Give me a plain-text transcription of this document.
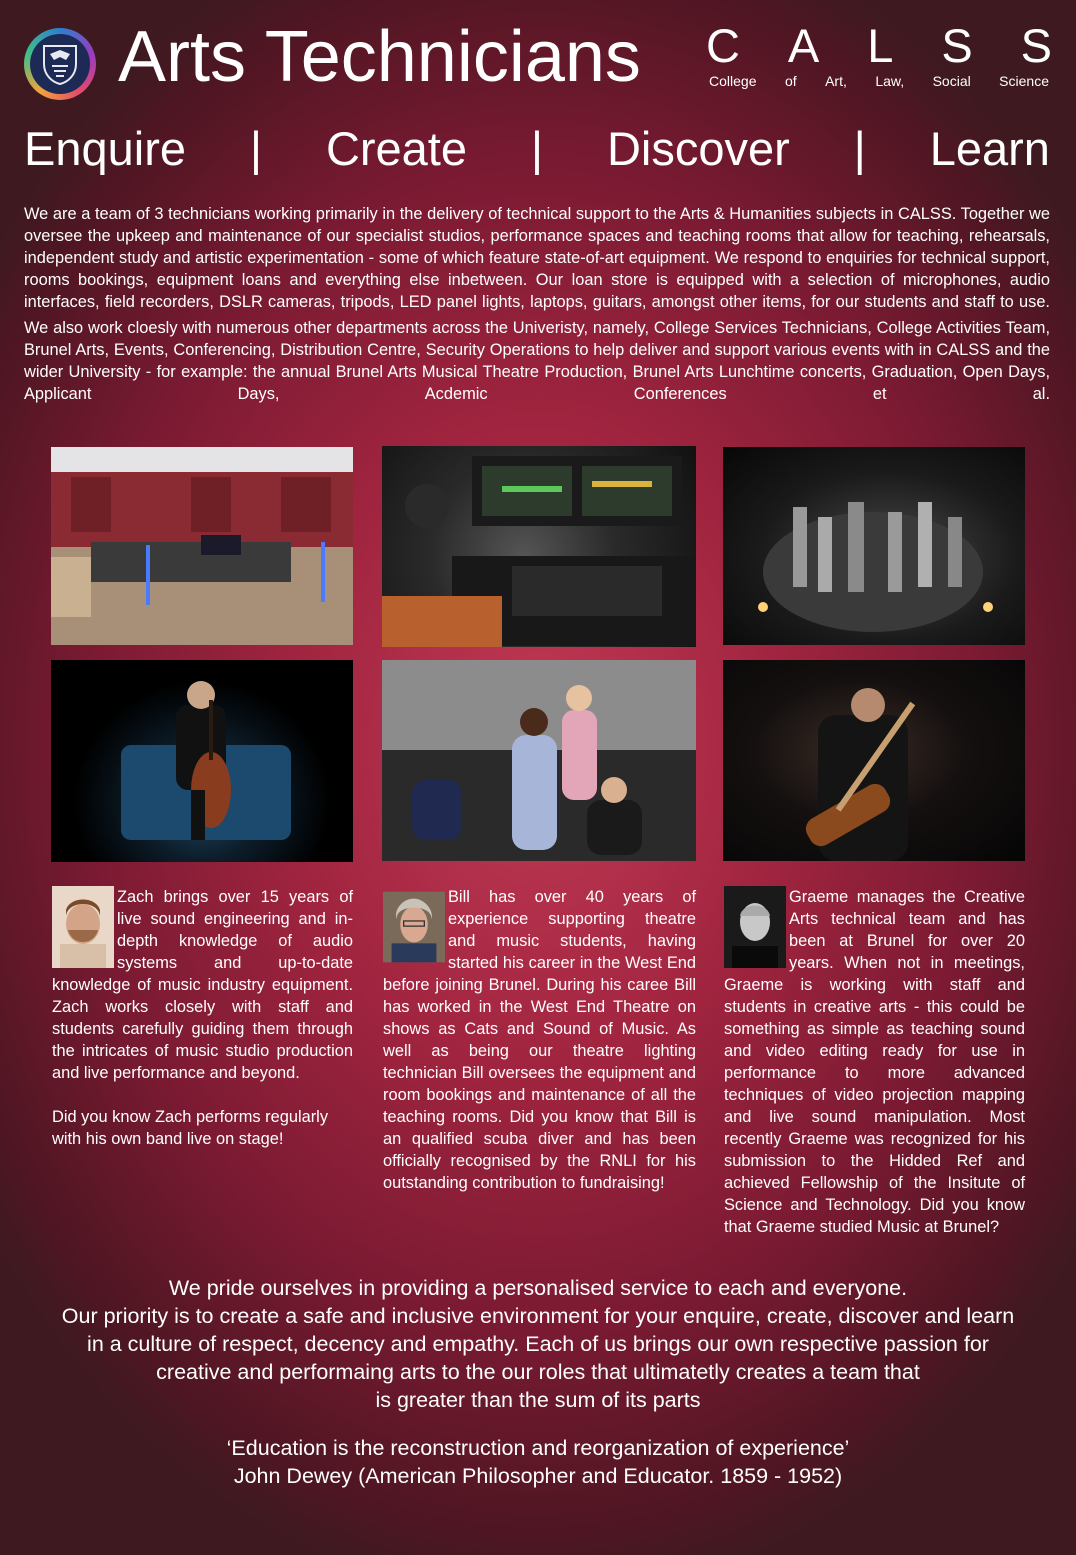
Arts Technicians C A L S S
College of Art, Law, Social Science
Enquire | Create | Discover | Learn

We are a team of 3 technicians working primarily in the delivery of technical support to the Arts & Humanities subjects in CALSS. Together we oversee the upkeep and maintenance of our specialist studios, performance spaces and teaching rooms that allow for teaching, rehearsals, independent study and artistic experimentation - some of which feature state-of-art equipment. We respond to enquiries for technical support, rooms bookings, equipment loans and everything else inbetween. Our loan store is equipped with a selection of microphones, audio interfaces, field recorders, DSLR cameras, tripods, LED panel lights, laptops, guitars, amongst other items, for our students and staff to use.

We also work cloesly with numerous other departments across the Univeristy, namely, College Services Technicians, College Activities Team, Brunel Arts, Events, Conferencing, Distribution Centre, Security Operations to help deliver and support various events with in CALSS and the wider University - for example: the annual Brunel Arts Musical Theatre Production, Brunel Arts Lunchtime concerts, Graduation, Open Days, Applicant Days, Acdemic Conferences et al.

Zach brings over 15 years of live sound engineering and in-depth knowledge of audio systems and up-to-date knowledge of music industry equipment. Zach works closely with staff and students carefully guiding them through the intricates of music studio production and live performance and beyond.

Did you know Zach performs regularly with his own band live on stage!

Bill has over 40 years of experience supporting theatre and music students, having started his career in the West End before joining Brunel. During his caree Bill has worked in the West End Theatre on shows as Cats and Sound of Music. As well as being our theatre lighting technician Bill oversees the equipment and room bookings and maintenance of all the teaching rooms. Did you know that Bill is an qualified scuba diver and has been officially recognised by the RNLI for his outstanding contribution to fundraising!

Graeme manages the Creative Arts technical team and has been at Brunel for over 20 years. When not in meetings, Graeme is working with staff and students in creative arts - this could be something as simple as teaching sound and video editing ready for use in performance to more advanced techniques of video projection mapping and live sound manipulation. Most recently Graeme was recognized for his submission to the Hidded Ref and achieved Fellowship of the Insitute of Science and Technology. Did you know that Graeme studied Music at Brunel?

We pride ourselves in providing a personalised service to each and everyone.

Our priority is to create a safe and inclusive environment for your enquire, create, discover and learn

in a culture of respect, decency and empathy. Each of us brings our own respective passion for

creative and performaing arts to the our roles that ultimatetly creates a team that

is greater than the sum of its parts

‘Education is the reconstruction and reorganization of experience’

John Dewey (American Philosopher and Educator. 1859 - 1952)
